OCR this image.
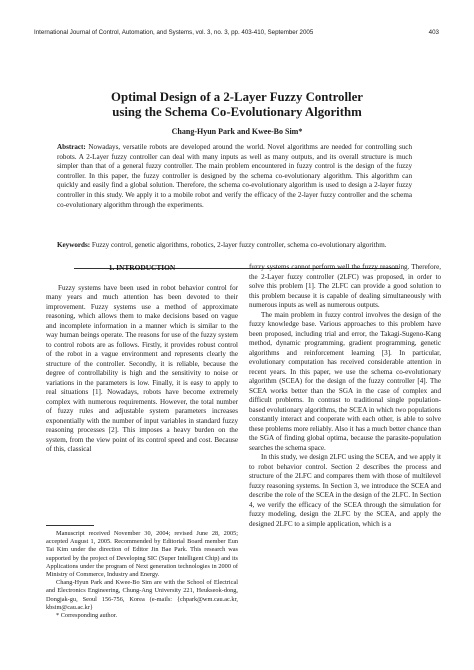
International Journal of Control, Automation, and Systems, vol. 3, no. 3, pp. 403-410, September 2005	403
Optimal Design of a 2-Layer Fuzzy Controller
using the Schema Co-Evolutionary Algorithm
Chang-Hyun Park and Kwee-Bo Sim*
Abstract: Nowadays, versatile robots are developed around the world. Novel algorithms are needed for controlling such robots. A 2-Layer fuzzy controller can deal with many inputs as well as many outputs, and its overall structure is much simpler than that of a general fuzzy controller. The main problem encountered in fuzzy control is the design of the fuzzy controller. In this paper, the fuzzy controller is designed by the schema co-evolutionary algorithm. This algorithm can quickly and easily find a global solution. Therefore, the schema co-evolutionary algorithm is used to design a 2-layer fuzzy controller in this study. We apply it to a mobile robot and verify the efficacy of the 2-layer fuzzy controller and the schema co-evolutionary algorithm through the experiments.
Keywords: Fuzzy control, genetic algorithms, robotics, 2-layer fuzzy controller, schema co-evolutionary algorithm.
1. INTRODUCTION

Fuzzy systems have been used in robot behavior control for many years and much attention has been devoted to their improvement. Fuzzy systems use a method of approximate reasoning, which allows them to make decisions based on vague and incomplete information in a manner which is similar to the way human beings operate. The reasons for use of the fuzzy system to control robots are as follows. Firstly, it provides robust control of the robot in a vague environment and represents clearly the structure of the controller. Secondly, it is reliable, because the degree of controllability is high and the sensitivity to noise or variations in the parameters is low. Finally, it is easy to apply to real situations [1]. Nowadays, robots have become extremely complex with numerous requirements. However, the total number of fuzzy rules and adjustable system parameters increases exponentially with the number of input variables in standard fuzzy reasoning processes [2]. This imposes a heavy burden on the system, from the view point of its control speed and cost. Because of this, classical

Manuscript received November 30, 2004; revised June 28, 2005; accepted August 1, 2005. Recommended by Editorial Board member Eun Tai Kim under the direction of Editor Jin Bae Park. This research was supported by the project of Developing SIC (Super Intelligent Chip) and its Applications under the program of Next generation technologies in 2000 of Ministry of Commerce, Industry and Energy.

Chang-Hyun Park and Kwee-Bo Sim are with the School of Electrical and Electronics Engineering, Chung-Ang University 221, Heukseok-dong, Dongjak-gu, Seoul 156-756, Korea (e-mails: {chpark@wm.cau.ac.kr, kbsim@cau.ac.kr}

* Corresponding author.

fuzzy systems cannot perform well the fuzzy reasoning. Therefore, the 2-Layer fuzzy controller (2LFC) was proposed, in order to solve this problem [1]. The 2LFC can provide a good solution to this problem because it is capable of dealing simultaneously with numerous inputs as well as numerous outputs.

The main problem in fuzzy control involves the design of the fuzzy knowledge base. Various approaches to this problem have been proposed, including trial and error, the Takagi-Sugeno-Kang method, dynamic programming, gradient programming, genetic algorithms and reinforcement learning [3]. In particular, evolutionary computation has received considerable attention in recent years. In this paper, we use the schema co-evolutionary algorithm (SCEA) for the design of the fuzzy controller [4]. The SCEA works better than the SGA in the case of complex and difficult problems. In contrast to traditional single population-based evolutionary algorithms, the SCEA in which two populations constantly interact and cooperate with each other, is able to solve these problems more reliably. Also it has a much better chance than the SGA of finding global optima, because the parasite-population searches the schema space.

In this study, we design 2LFC using the SCEA, and we apply it to robot behavior control. Section 2 describes the process and structure of the 2LFC and compares them with those of multilevel fuzzy reasoning systems. In Section 3, we introduce the SCEA and describe the role of the SCEA in the design of the 2LFC. In Section 4, we verify the efficacy of the SCEA through the simulation for fuzzy modeling, design the 2LFC by the SCEA, and apply the designed 2LFC to a simple application, which is a
